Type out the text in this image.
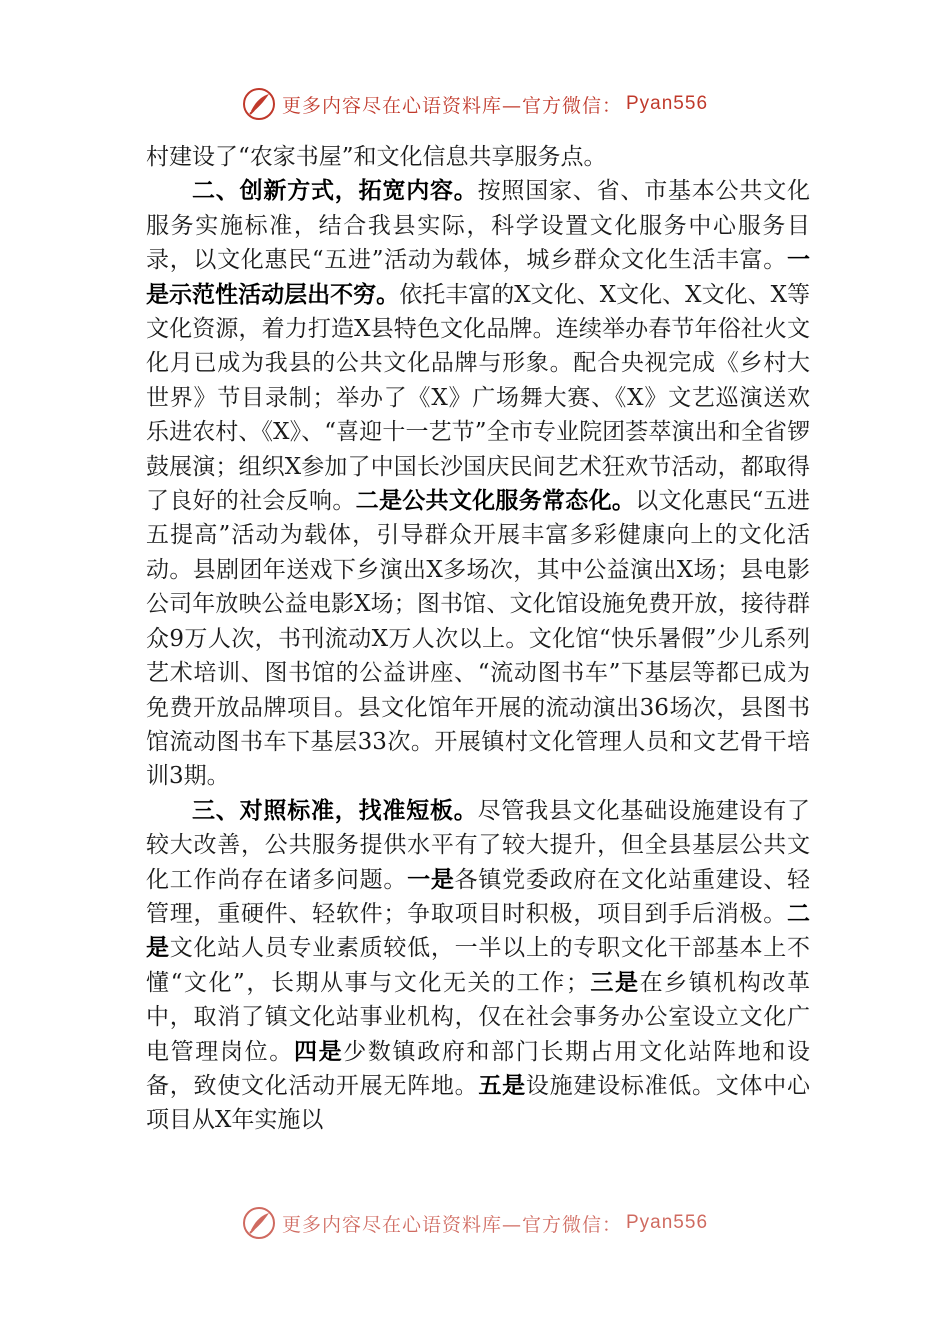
更多内容尽在心语资料库—官方微信： Pyan556

村建设了“农家书屋”和文化信息共享服务点。

二、创新方式，拓宽内容。按照国家、省、市基本公共文化服务实施标准，结合我县实际，科学设置文化服务中心服务目录，以文化惠民“五进”活动为载体，城乡群众文化生活丰富。一是示范性活动层出不穷。依托丰富的X文化、X文化、X文化、X等文化资源，着力打造X县特色文化品牌。连续举办春节年俗社火文化月已成为我县的公共文化品牌与形象。配合央视完成《乡村大世界》节目录制；举办了《X》广场舞大赛、《X》文艺巡演送欢乐进农村、《X》、“喜迎十一艺节”全市专业院团荟萃演出和全省锣鼓展演；组织X参加了中国长沙国庆民间艺术狂欢节活动，都取得了良好的社会反响。二是公共文化服务常态化。以文化惠民“五进五提高”活动为载体，引导群众开展丰富多彩健康向上的文化活动。县剧团年送戏下乡演出X多场次，其中公益演出X场；县电影公司年放映公益电影X场；图书馆、文化馆设施免费开放，接待群众9万人次，书刊流动X万人次以上。文化馆“快乐暑假”少儿系列艺术培训、图书馆的公益讲座、“流动图书车”下基层等都已成为免费开放品牌项目。县文化馆年开展的流动演出36场次，县图书馆流动图书车下基层33次。开展镇村文化管理人员和文艺骨干培训3期。

三、对照标准，找准短板。尽管我县文化基础设施建设有了较大改善，公共服务提供水平有了较大提升，但全县基层公共文化工作尚存在诸多问题。一是各镇党委政府在文化站重建设、轻管理，重硬件、轻软件；争取项目时积极，项目到手后消极。二是文化站人员专业素质较低，一半以上的专职文化干部基本上不懂“文化”，长期从事与文化无关的工作；三是在乡镇机构改革中，取消了镇文化站事业机构，仅在社会事务办公室设立文化广电管理岗位。四是少数镇政府和部门长期占用文化站阵地和设备，致使文化活动开展无阵地。五是设施建设标准低。文体中心项目从X年实施以

更多内容尽在心语资料库—官方微信： Pyan556
